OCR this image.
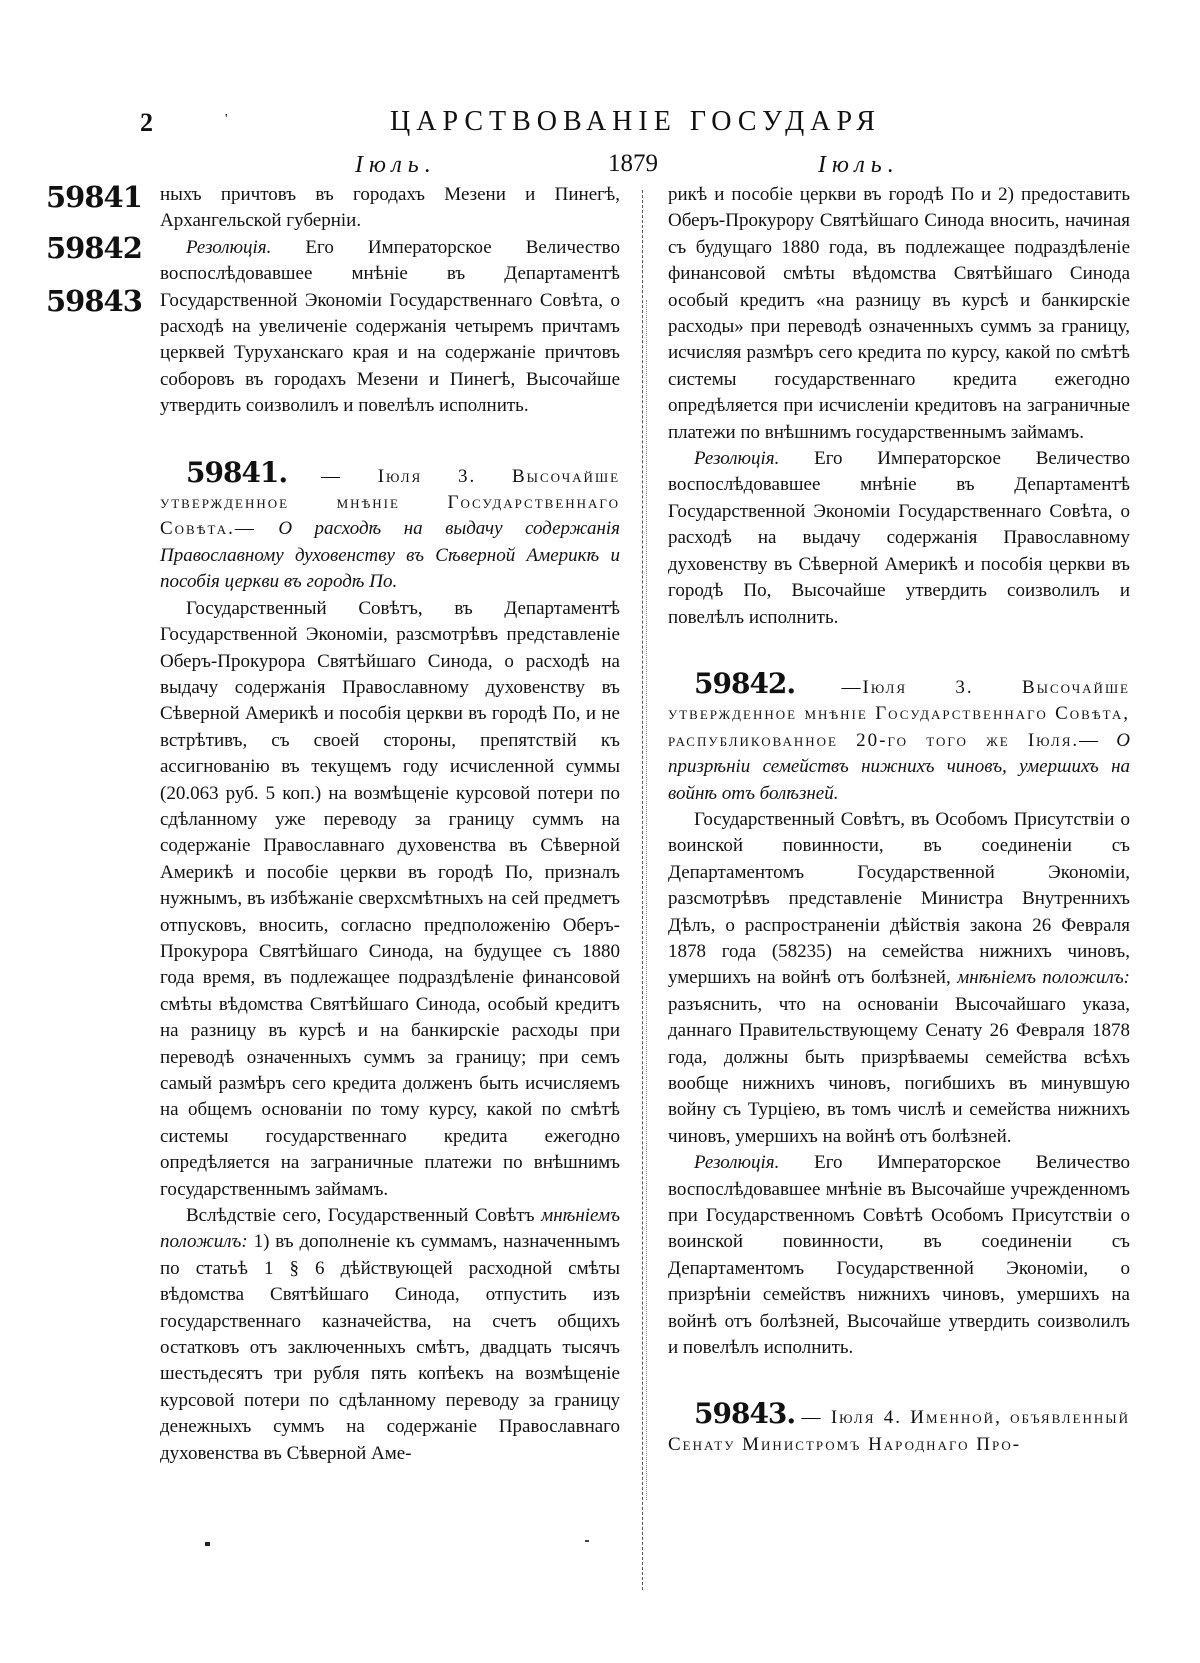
2	'	ЦАРСТВОВАНІЕ ГОСУДАРЯ
Іюль.	1879	Іюль.
59841
59842
59843

ныхъ причтовъ въ городахъ Мезени и Пинегѣ, Архангельской губерніи.

Резолюція. Его Императорское Величество воспослѣдовавшее мнѣніе въ Департаментѣ Государственной Экономіи Государственнаго Совѣта, о расходѣ на увеличеніе содержанія четыремъ причтамъ церквей Туруханскаго края и на содержаніе причтовъ соборовъ въ городахъ Мезени и Пинегѣ, Высочайше утвердить соизволилъ и повелѣлъ исполнить.

59841. — Іюля 3. Высочайше утвержденное мнѣніе Государственнаго Совѣта.— О расходѣ на выдачу содержанія Православному духовенству въ Сѣверной Америкѣ и пособія церкви въ городѣ По.

Государственный Совѣтъ, въ Департаментѣ Государственной Экономіи, разсмотрѣвъ представленіе Оберъ-Прокурора Святѣйшаго Синода, о расходѣ на выдачу содержанія Православному духовенству въ Сѣверной Америкѣ и пособія церкви въ городѣ По, и не встрѣтивъ, съ своей стороны, препятствій къ ассигнованію въ текущемъ году исчисленной суммы (20.063 руб. 5 коп.) на возмѣщеніе курсовой потери по сдѣланному уже переводу за границу суммъ на содержаніе Православнаго духовенства въ Сѣверной Америкѣ и пособіе церкви въ городѣ По, призналъ нужнымъ, въ избѣжаніе сверхсмѣтныхъ на сей предметъ отпусковъ, вносить, согласно предположенію Оберъ-Прокурора Святѣйшаго Синода, на будущее съ 1880 года время, въ подлежащее подраздѣленіе финансовой смѣты вѣдомства Святѣйшаго Синода, особый кредитъ на разницу въ курсѣ и на банкирскіе расходы при переводѣ означенныхъ суммъ за границу; при семъ самый размѣръ сего кредита долженъ быть исчисляемъ на общемъ основаніи по тому курсу, какой по смѣтѣ системы государственнаго кредита ежегодно опредѣляется на заграничные платежи по внѣшнимъ государственнымъ займамъ.

Вслѣдствіе сего, Государственный Совѣтъ мнѣніемъ положилъ: 1) въ дополненіе къ суммамъ, назначеннымъ по статьѣ 1 § 6 дѣйствующей расходной смѣты вѣдомства Святѣйшаго Синода, отпустить изъ государственнаго казначейства, на счетъ общихъ остатковъ отъ заключенныхъ смѣтъ, двадцать тысячъ шестьдесятъ три рубля пять копѣекъ на возмѣщеніе курсовой потери по сдѣланному переводу за границу денежныхъ суммъ на содержаніе Православнаго духовенства въ Сѣверной Аме-

рикѣ и пособіе церкви въ городѣ По и 2) предоставить Оберъ-Прокурору Святѣйшаго Синода вносить, начиная съ будущаго 1880 года, въ подлежащее подраздѣленіе финансовой смѣты вѣдомства Святѣйшаго Синода особый кредитъ «на разницу въ курсѣ и банкирскіе расходы» при переводѣ означенныхъ суммъ за границу, исчисляя размѣръ сего кредита по курсу, какой по смѣтѣ системы государственнаго кредита ежегодно опредѣляется при исчисленіи кредитовъ на заграничные платежи по внѣшнимъ государственнымъ займамъ.

Резолюція. Его Императорское Величество воспослѣдовавшее мнѣніе въ Департаментѣ Государственной Экономіи Государственнаго Совѣта, о расходѣ на выдачу содержанія Православному духовенству въ Сѣверной Америкѣ и пособія церкви въ городѣ По, Высочайше утвердить соизволилъ и повелѣлъ исполнить.

59842. —Іюля 3. Высочайше утвержденное мнѣніе Государственнаго Совѣта, распубликованное 20-го того же Іюля.— О призрѣніи семействъ нижнихъ чиновъ, умершихъ на войнѣ отъ болѣзней.

Государственный Совѣтъ, въ Особомъ Присутствіи о воинской повинности, въ соединеніи съ Департаментомъ Государственной Экономіи, разсмотрѣвъ представленіе Министра Внутреннихъ Дѣлъ, о распространеніи дѣйствія закона 26 Февраля 1878 года (58235) на семейства нижнихъ чиновъ, умершихъ на войнѣ отъ болѣзней, мнѣніемъ положилъ: разъяснить, что на основаніи Высочайшаго указа, даннаго Правительствующему Сенату 26 Февраля 1878 года, должны быть призрѣваемы семейства всѣхъ вообще нижнихъ чиновъ, погибшихъ въ минувшую войну съ Турціею, въ томъ числѣ и семейства нижнихъ чиновъ, умершихъ на войнѣ отъ болѣзней.

Резолюція. Его Императорское Величество воспослѣдовавшее мнѣніе въ Высочайше учрежденномъ при Государственномъ Совѣтѣ Особомъ Присутствіи о воинской повинности, въ соединеніи съ Департаментомъ Государственной Экономіи, о призрѣніи семействъ нижнихъ чиновъ, умершихъ на войнѣ отъ болѣзней, Высочайше утвердить соизволилъ и повелѣлъ исполнить.

59843. — Іюля 4. Именной, объявленный Сенату Министромъ Народнаго Про-
